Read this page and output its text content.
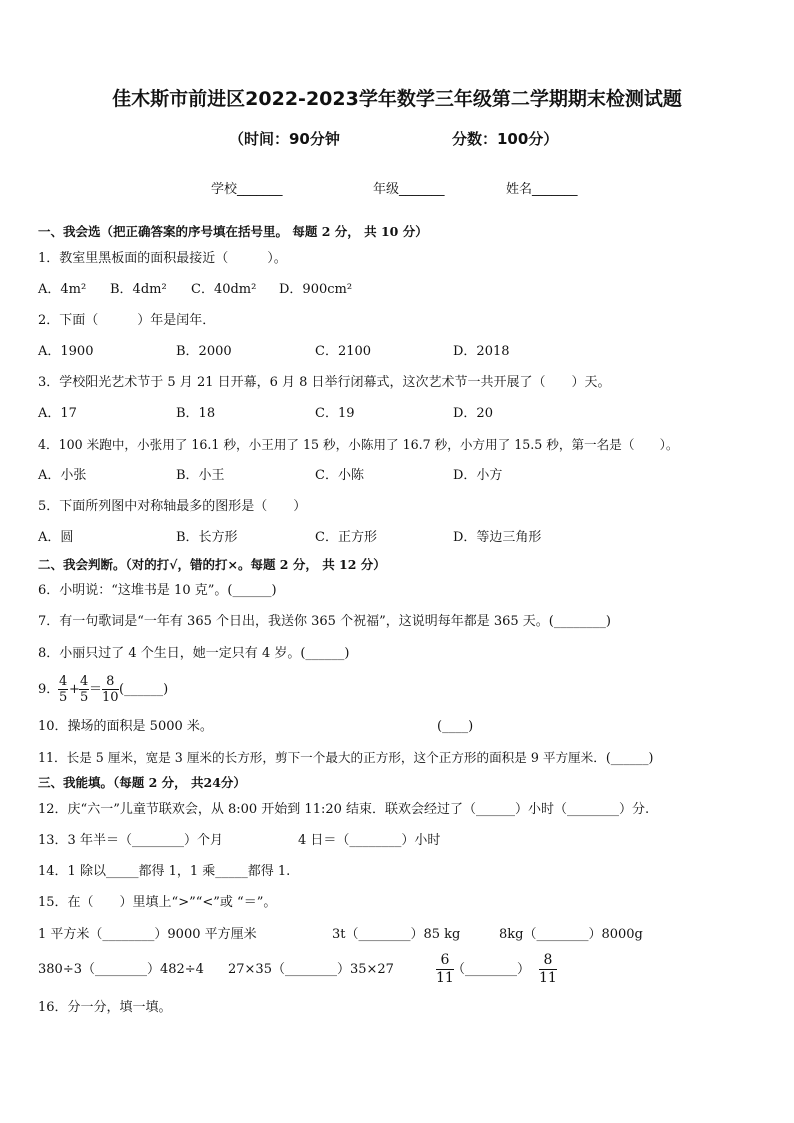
佳木斯市前进区2022-2023学年数学三年级第二学期期末检测试题
（时间：90分钟	分数：100分）
学校_______	年级_______	姓名_______
一、我会选（把正确答案的序号填在括号里。 每题 2 分， 共 10 分）
1．教室里黑板面的面积最接近（　　　）。
A．4m² B．4dm² C．40dm² D．900cm²
2．下面（　　　）年是闰年．
A．1900	B．2000	C．2100	D．2018
3．学校阳光艺术节于 5 月 21 日开幕，6 月 8 日举行闭幕式，这次艺术节一共开展了（　　）天。
A．17	B．18	C．19	D．20
4．100 米跑中，小张用了 16.1 秒，小王用了 15 秒，小陈用了 16.7 秒，小方用了 15.5 秒，第一名是（　　）。
A．小张	B．小王	C．小陈	D．小方
5．下面所列图中对称轴最多的图形是（　　）
A．圆	B．长方形	C．正方形	D．等边三角形
二、我会判断。（对的打√，错的打×。每题 2 分， 共 12 分）
6．小明说：“这堆书是 10 克”。(______)
7．有一句歌词是“一年有 365 个日出，我送你 365 个祝福”，这说明每年都是 365 天。(________)
8．小丽只过了 4 个生日，她一定只有 4 岁。(______)
9．
$\frac{4}{5} + \frac{4}{5} = \frac{8}{10}$ (______)
10．操场的面积是 5000 米。	(____)
11．长是 5 厘米，宽是 3 厘米的长方形，剪下一个最大的正方形，这个正方形的面积是 9 平方厘米．(______)
三、我能填。（每题 2 分， 共24分）
12．庆“六一”儿童节联欢会，从 8:00 开始到 11:20 结束．联欢会经过了（______）小时（________）分.
13．3 年半＝（________）个月	4 日＝（________）小时
14．1 除以_____都得 1，1 乘_____都得 1.
15．在（　　）里填上“>”“<”或 “＝”。
1 平方米（________）9000 平方厘米	3t（________）85 kg	8kg（________）8000g
380÷3（________）482÷4 27×35（________）35×27	$\frac{6}{11}$
（________） $\frac{8}{11}$
16．分一分，填一填。
